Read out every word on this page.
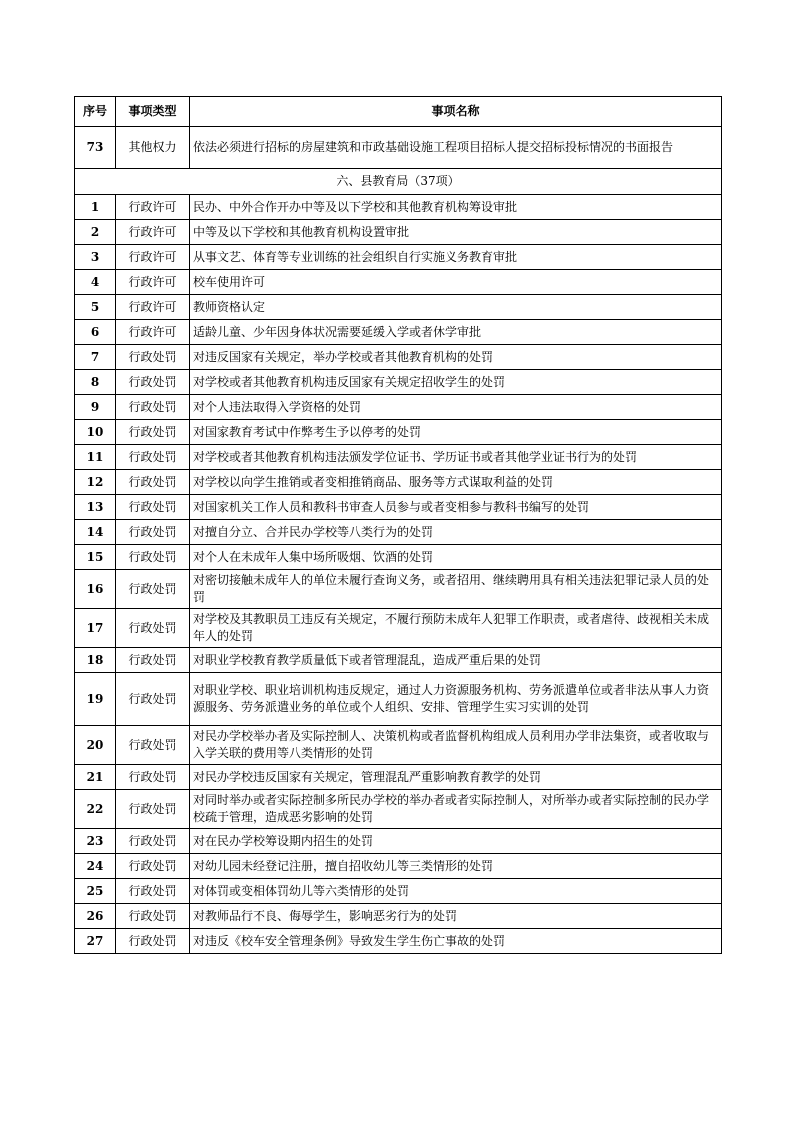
序号	事项类型	事项名称
73	其他权力	依法必须进行招标的房屋建筑和市政基础设施工程项目招标人提交招标投标情况的书面报告
六、县教育局（37项）		
1	行政许可	民办、中外合作开办中等及以下学校和其他教育机构筹设审批
2	行政许可	中等及以下学校和其他教育机构设置审批
3	行政许可	从事文艺、体育等专业训练的社会组织自行实施义务教育审批
4	行政许可	校车使用许可
5	行政许可	教师资格认定
6	行政许可	适龄儿童、少年因身体状况需要延缓入学或者休学审批
7	行政处罚	对违反国家有关规定，举办学校或者其他教育机构的处罚
8	行政处罚	对学校或者其他教育机构违反国家有关规定招收学生的处罚
9	行政处罚	对个人违法取得入学资格的处罚
10	行政处罚	对国家教育考试中作弊考生予以停考的处罚
11	行政处罚	对学校或者其他教育机构违法颁发学位证书、学历证书或者其他学业证书行为的处罚
12	行政处罚	对学校以向学生推销或者变相推销商品、服务等方式谋取利益的处罚
13	行政处罚	对国家机关工作人员和教科书审查人员参与或者变相参与教科书编写的处罚
14	行政处罚	对擅自分立、合并民办学校等八类行为的处罚
15	行政处罚	对个人在未成年人集中场所吸烟、饮酒的处罚
16	行政处罚	对密切接触未成年人的单位未履行查询义务，或者招用、继续聘用具有相关违法犯罪记录人员的处罚
17	行政处罚	对学校及其教职员工违反有关规定，不履行预防未成年人犯罪工作职责，或者虐待、歧视相关未成年人的处罚
18	行政处罚	对职业学校教育教学质量低下或者管理混乱，造成严重后果的处罚
19	行政处罚	对职业学校、职业培训机构违反规定，通过人力资源服务机构、劳务派遣单位或者非法从事人力资源服务、劳务派遣业务的单位或个人组织、安排、管理学生实习实训的处罚
20	行政处罚	对民办学校举办者及实际控制人、决策机构或者监督机构组成人员利用办学非法集资，或者收取与入学关联的费用等八类情形的处罚
21	行政处罚	对民办学校违反国家有关规定，管理混乱严重影响教育教学的处罚
22	行政处罚	对同时举办或者实际控制多所民办学校的举办者或者实际控制人，对所举办或者实际控制的民办学校疏于管理，造成恶劣影响的处罚
23	行政处罚	对在民办学校筹设期内招生的处罚
24	行政处罚	对幼儿园未经登记注册，擅自招收幼儿等三类情形的处罚
25	行政处罚	对体罚或变相体罚幼儿等六类情形的处罚
26	行政处罚	对教师品行不良、侮辱学生，影响恶劣行为的处罚
27	行政处罚	对违反《校车安全管理条例》导致发生学生伤亡事故的处罚
